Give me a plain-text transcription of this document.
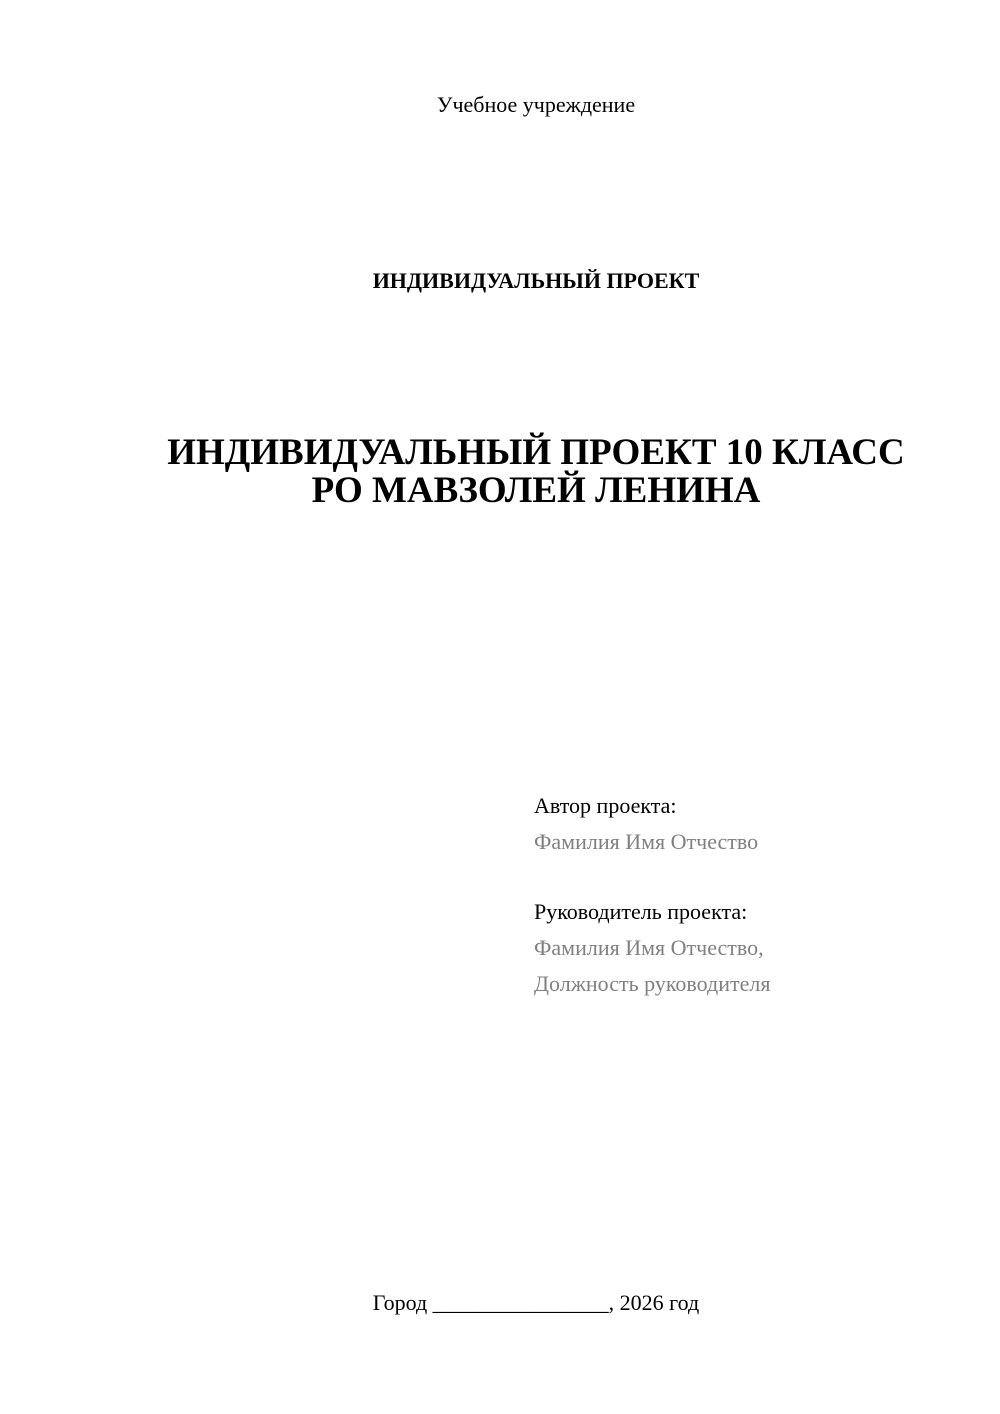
Учебное учреждение
ИНДИВИДУАЛЬНЫЙ ПРОЕКТ
ИНДИВИДУАЛЬНЫЙ ПРОЕКТ 10 КЛАСС
РО МАВЗОЛЕЙ ЛЕНИНА
Автор проекта:
Фамилия Имя Отчество
Руководитель проекта:
Фамилия Имя Отчество,
Должность руководителя
Город ________________, 2026 год
